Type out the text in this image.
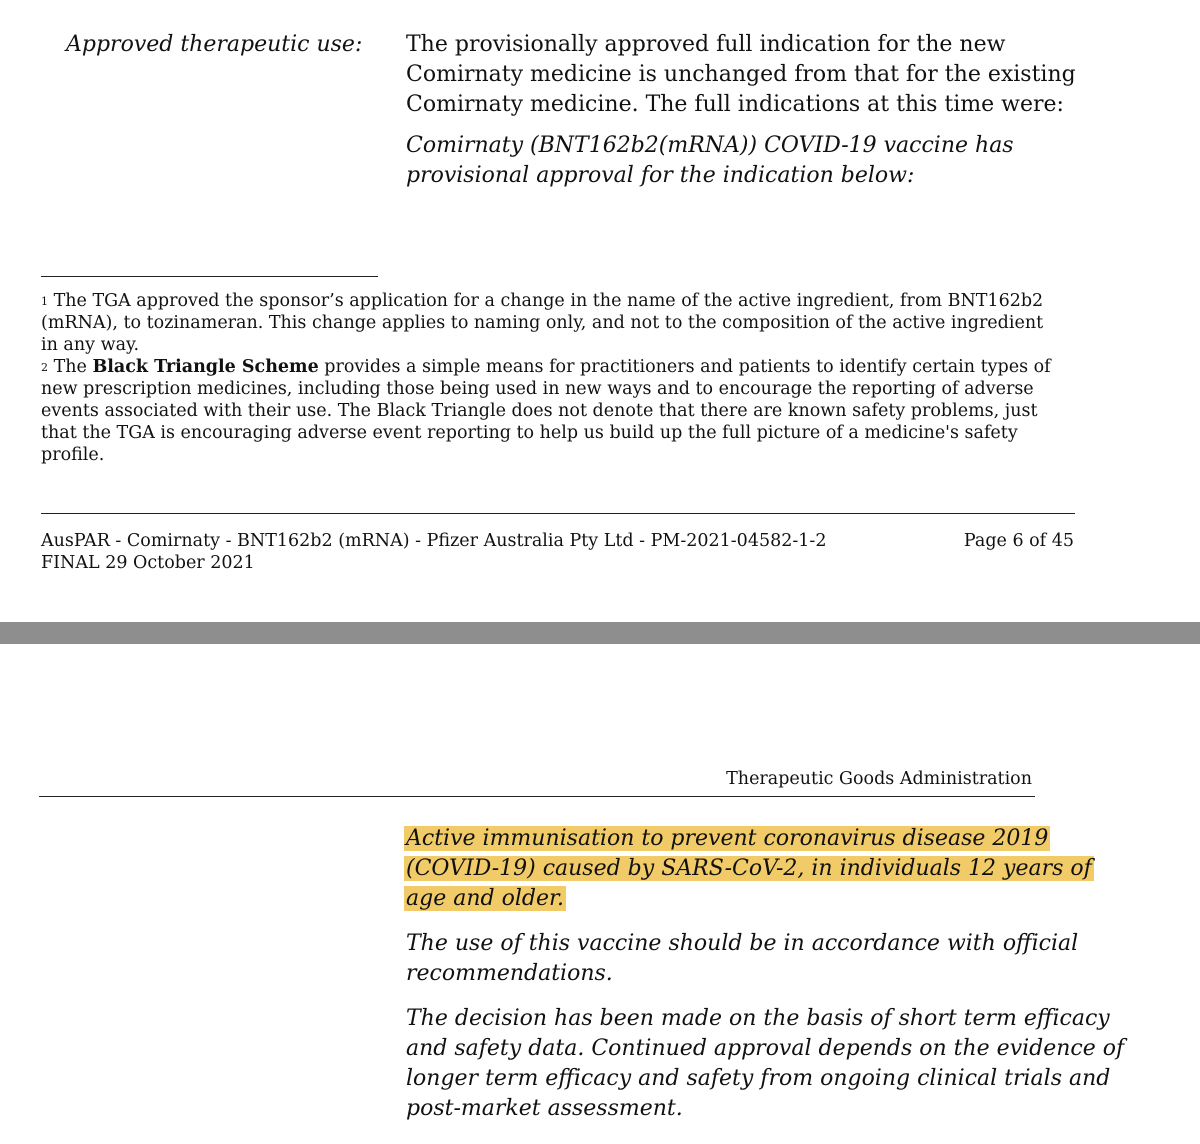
Approved therapeutic use: The provisionally approved full indication for the new Comirnaty medicine is unchanged from that for the existing Comirnaty medicine. The full indications at this time were:
Comirnaty (BNT162b2(mRNA)) COVID-19 vaccine has provisional approval for the indication below:

$^1$ The TGA approved the sponsor’s application for a change in the name of the active ingredient, from BNT162b2 (mRNA), to tozinameran. This change applies to naming only, and not to the composition of the active ingredient in any way.

$^2$ The Black Triangle Scheme provides a simple means for practitioners and patients to identify certain types of new prescription medicines, including those being used in new ways and to encourage the reporting of adverse events associated with their use. The Black Triangle does not denote that there are known safety problems, just that the TGA is encouraging adverse event reporting to help us build up the full picture of a medicine's safety profile.

AusPAR - Comirnaty - BNT162b2 (mRNA) - Pfizer Australia Pty Ltd - PM-2021-04582-1-2
FINAL 29 October 2021
Page 6 of 45
Therapeutic Goods Administration
Active immunisation to prevent coronavirus disease 2019 (COVID-19) caused by SARS-CoV-2, in individuals 12 years of age and older.
The use of this vaccine should be in accordance with official recommendations.
The decision has been made on the basis of short term efficacy and safety data. Continued approval depends on the evidence of longer term efficacy and safety from ongoing clinical trials and post-market assessment.
